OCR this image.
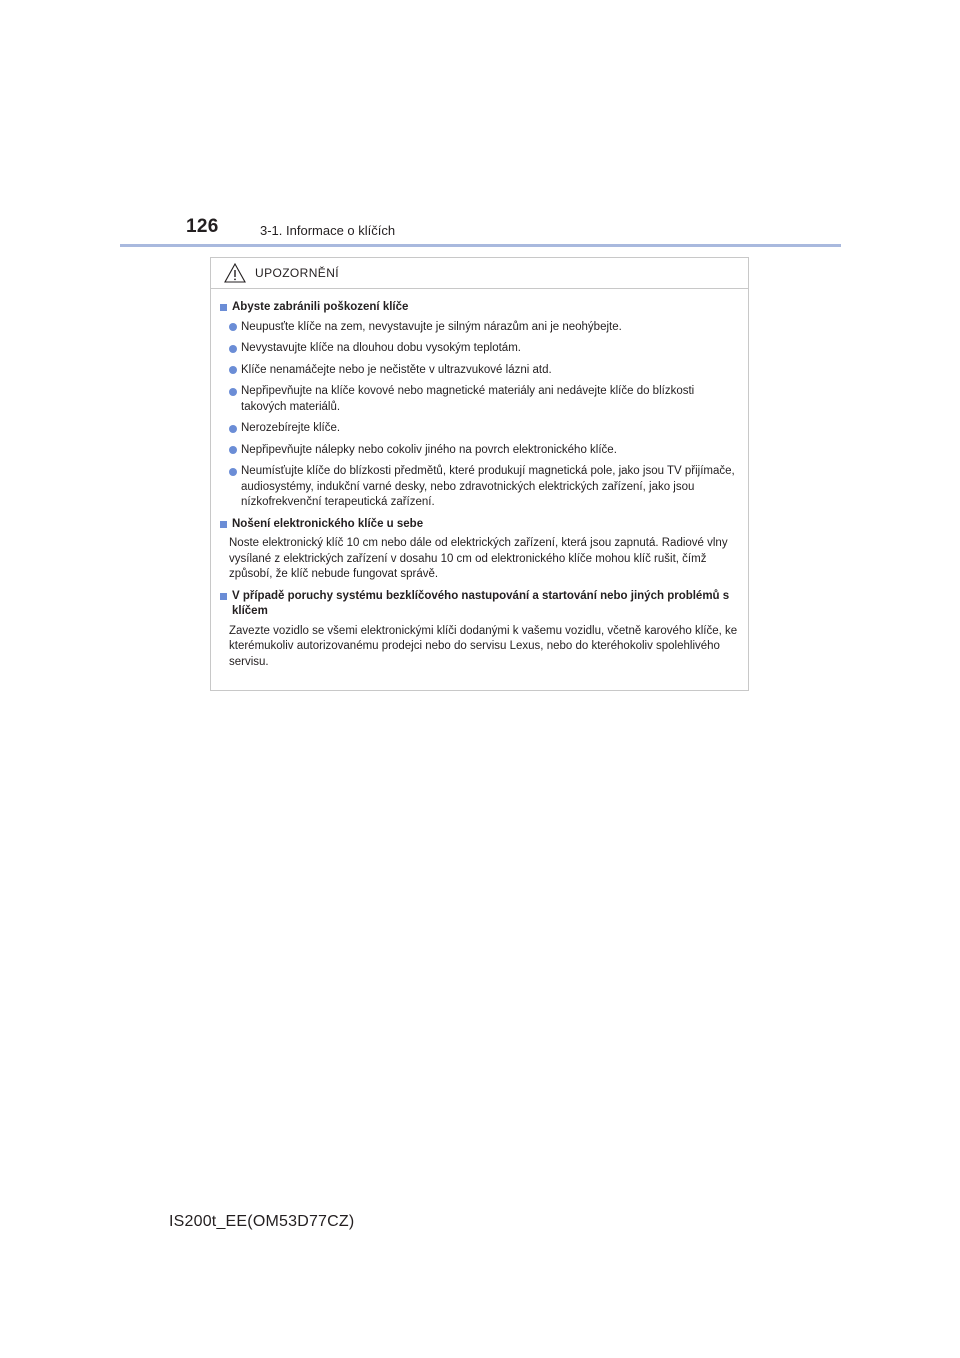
126	3-1. Informace o klíčích
UPOZORNĚNÍ
Abyste zabránili poškození klíče
Neupusťte klíče na zem, nevystavujte je silným nárazům ani je neohýbejte.
Nevystavujte klíče na dlouhou dobu vysokým teplotám.
Klíče nenamáčejte nebo je nečistěte v ultrazvukové lázni atd.
Nepřipevňujte na klíče kovové nebo magnetické materiály ani nedávejte klíče do blízkosti takových materiálů.
Nerozebírejte klíče.
Nepřipevňujte nálepky nebo cokoliv jiného na povrch elektronického klíče.
Neumísťujte klíče do blízkosti předmětů, které produkují magnetická pole, jako jsou TV přijímače, audiosystémy, indukční varné desky, nebo zdravotnických elektrických zařízení, jako jsou nízkofrekvenční terapeutická zařízení.
Nošení elektronického klíče u sebe
Noste elektronický klíč 10 cm nebo dále od elektrických zařízení, která jsou zapnutá. Radiové vlny vysílané z elektrických zařízení v dosahu 10 cm od elektronického klíče mohou klíč rušit, čímž způsobí, že klíč nebude fungovat správě.
V případě poruchy systému bezklíčového nastupování a startování nebo jiných problémů s klíčem
Zavezte vozidlo se všemi elektronickými klíči dodanými k vašemu vozidlu, včetně karového klíče, ke kterémukoliv autorizovanému prodejci nebo do servisu Lexus, nebo do kteréhokoliv spolehlivého servisu.
IS200t_EE(OM53D77CZ)
